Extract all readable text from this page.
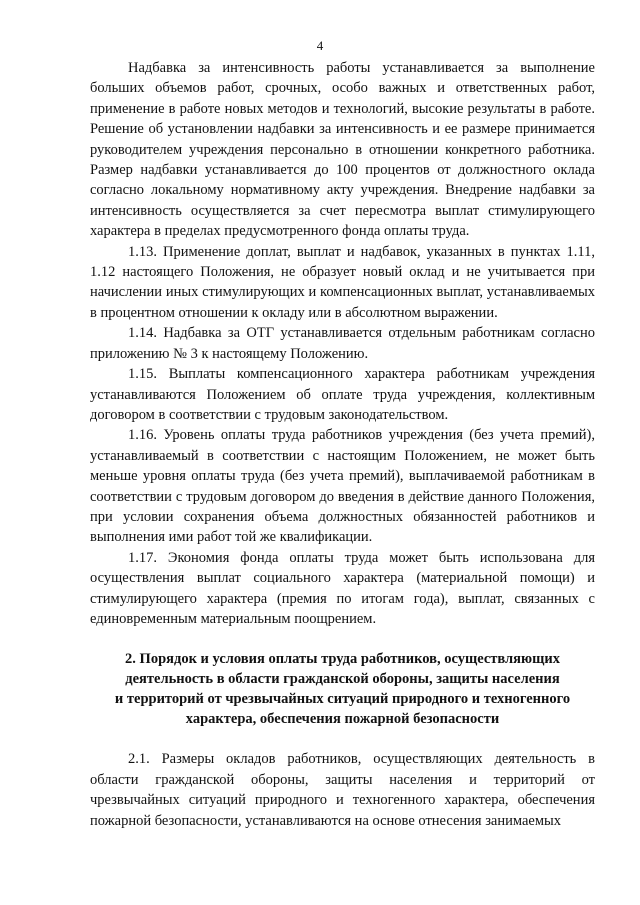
4

Надбавка за интенсивность работы устанавливается за выполнение больших объемов работ, срочных, особо важных и ответственных работ, применение в работе новых методов и технологий, высокие результаты в работе. Решение об установлении надбавки за интенсивность и ее размере принимается руководителем учреждения персонально в отношении конкретного работника. Размер надбавки устанавливается до 100 процентов от должностного оклада согласно локальному нормативному акту учреждения. Внедрение надбавки за интенсивность осуществляется за счет пересмотра выплат стимулирующего характера в пределах предусмотренного фонда оплаты труда.

1.13. Применение доплат, выплат и надбавок, указанных в пунктах 1.11, 1.12 настоящего Положения, не образует новый оклад и не учитывается при начислении иных стимулирующих и компенсационных выплат, устанавливаемых в процентном отношении к окладу или в абсолютном выражении.

1.14. Надбавка за ОТГ устанавливается отдельным работникам согласно приложению № 3 к настоящему Положению.

1.15. Выплаты компенсационного характера работникам учреждения устанавливаются Положением об оплате труда учреждения, коллективным договором в соответствии с трудовым законодательством.

1.16. Уровень оплаты труда работников учреждения (без учета премий), устанавливаемый в соответствии с настоящим Положением, не может быть меньше уровня оплаты труда (без учета премий), выплачиваемой работникам в соответствии с трудовым договором до введения в действие данного Положения, при условии сохранения объема должностных обязанностей работников и выполнения ими работ той же квалификации.

1.17. Экономия фонда оплаты труда может быть использована для осуществления выплат социального характера (материальной помощи) и стимулирующего характера (премия по итогам года), выплат, связанных с единовременным материальным поощрением.

2. Порядок и условия оплаты труда работников, осуществляющих
деятельность в области гражданской обороны, защиты населения
и территорий от чрезвычайных ситуаций природного и техногенного
характера, обеспечения пожарной безопасности

2.1. Размеры окладов работников, осуществляющих деятельность в области гражданской обороны, защиты населения и территорий от чрезвычайных ситуаций природного и техногенного характера, обеспечения пожарной безопасности, устанавливаются на основе отнесения занимаемых
